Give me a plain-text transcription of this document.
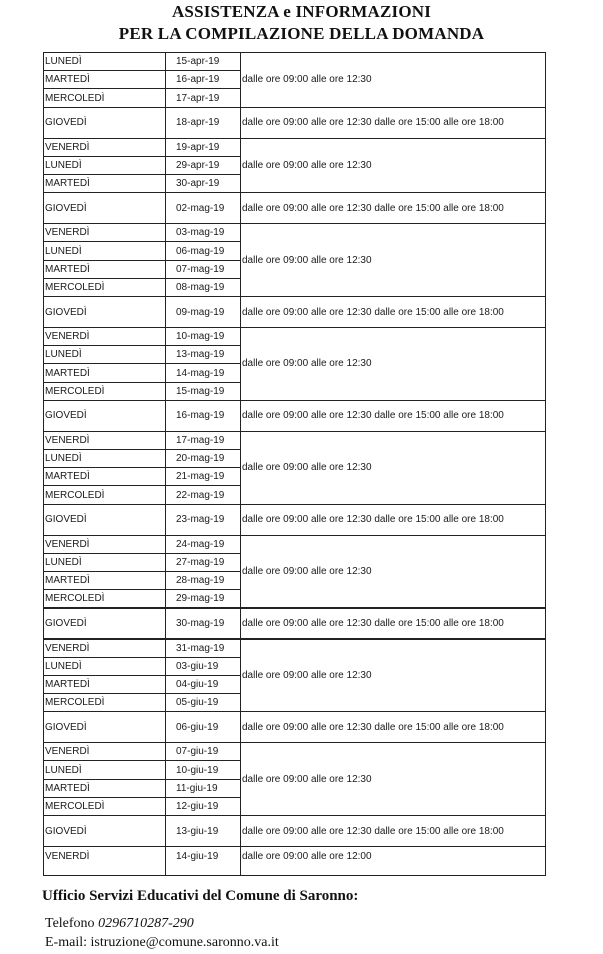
ASSISTENZA e INFORMAZIONI
PER LA COMPILAZIONE DELLA DOMANDA
LUNEDÌ	15-apr-19
MARTEDÌ	16-apr-19
MERCOLEDÌ	17-apr-19
dalle ore 09:00 alle ore 12:30
GIOVEDÌ	18-apr-19 dalle ore 09:00 alle ore 12:30 dalle ore 15:00 alle ore 18:00
VENERDÌ	19-apr-19
LUNEDÌ	29-apr-19
MARTEDÌ	30-apr-19
dalle ore 09:00 alle ore 12:30
GIOVEDÌ	02-mag-19 dalle ore 09:00 alle ore 12:30 dalle ore 15:00 alle ore 18:00
VENERDÌ	03-mag-19
LUNEDÌ	06-mag-19
MARTEDÌ	07-mag-19
MERCOLEDÌ	08-mag-19
dalle ore 09:00 alle ore 12:30
GIOVEDÌ	09-mag-19 dalle ore 09:00 alle ore 12:30 dalle ore 15:00 alle ore 18:00
VENERDÌ	10-mag-19
LUNEDÌ	13-mag-19
MARTEDÌ	14-mag-19
MERCOLEDÌ	15-mag-19
dalle ore 09:00 alle ore 12:30
GIOVEDÌ	16-mag-19 dalle ore 09:00 alle ore 12:30 dalle ore 15:00 alle ore 18:00
VENERDÌ	17-mag-19
LUNEDÌ	20-mag-19
MARTEDÌ	21-mag-19
MERCOLEDÌ	22-mag-19
dalle ore 09:00 alle ore 12:30
GIOVEDÌ	23-mag-19 dalle ore 09:00 alle ore 12:30 dalle ore 15:00 alle ore 18:00
VENERDÌ	24-mag-19
LUNEDÌ	27-mag-19
MARTEDÌ	28-mag-19
MERCOLEDÌ	29-mag-19
dalle ore 09:00 alle ore 12:30
GIOVEDÌ	30-mag-19 dalle ore 09:00 alle ore 12:30 dalle ore 15:00 alle ore 18:00
VENERDÌ	31-mag-19
LUNEDÌ	03-giu-19
MARTEDÌ	04-giu-19
MERCOLEDÌ	05-giu-19
dalle ore 09:00 alle ore 12:30
GIOVEDÌ	06-giu-19 dalle ore 09:00 alle ore 12:30 dalle ore 15:00 alle ore 18:00
VENERDÌ	07-giu-19
LUNEDÌ	10-giu-19
MARTEDÌ	11-giu-19
MERCOLEDÌ	12-giu-19
dalle ore 09:00 alle ore 12:30
GIOVEDÌ	13-giu-19 dalle ore 09:00 alle ore 12:30 dalle ore 15:00 alle ore 18:00
VENERDÌ	14-giu-19 dalle ore 09:00 alle ore 12:00
Ufficio Servizi Educativi del Comune di Saronno:
Telefono 0296710287-290
E-mail: istruzione@comune.saronno.va.it
